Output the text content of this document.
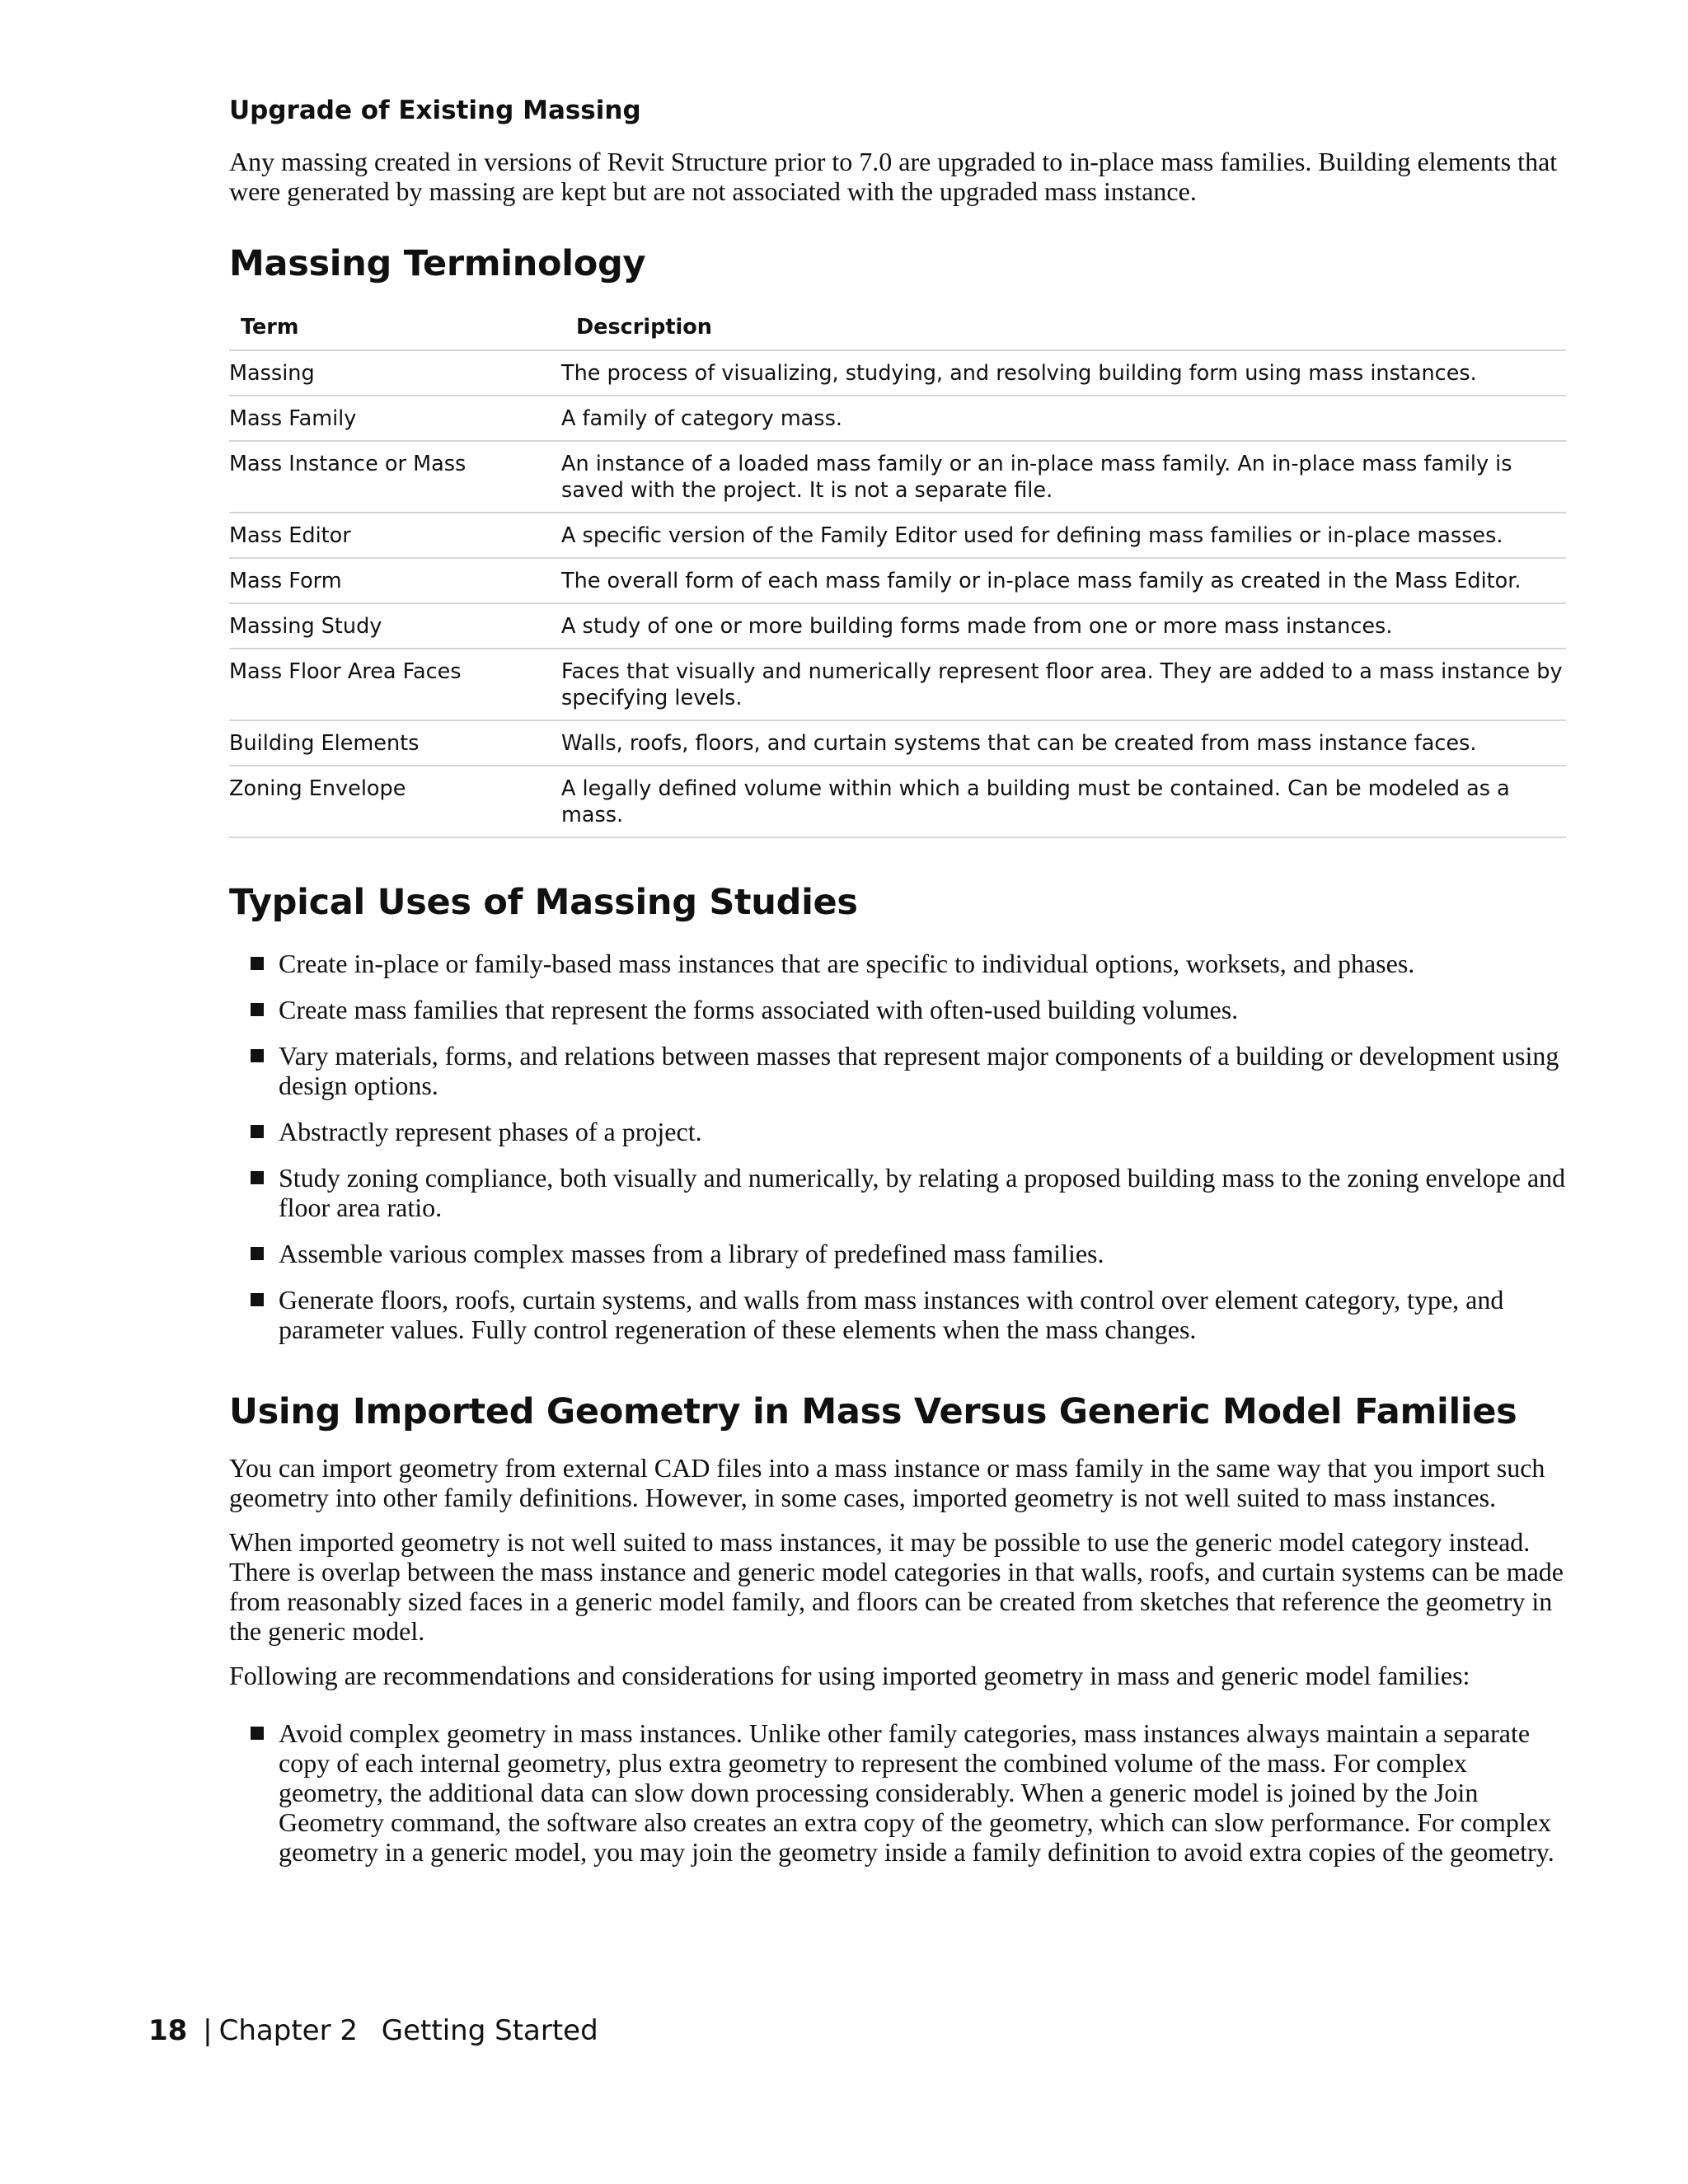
Upgrade of Existing Massing

Any massing created in versions of Revit Structure prior to 7.0 are upgraded to in-place mass families. Building elements that were generated by massing are kept but are not associated with the upgraded mass instance.

Massing Terminology
Term	Description
Massing	The process of visualizing, studying, and resolving building form using mass instances.
Mass Family	A family of category mass.
Mass Instance or Mass	An instance of a loaded mass family or an in-place mass family. An in-place mass family is saved with the project. It is not a separate file.
Mass Editor	A specific version of the Family Editor used for defining mass families or in-place masses.
Mass Form	The overall form of each mass family or in-place mass family as created in the Mass Editor.
Massing Study	A study of one or more building forms made from one or more mass instances.
Mass Floor Area Faces	Faces that visually and numerically represent floor area. They are added to a mass instance by specifying levels.
Building Elements	Walls, roofs, floors, and curtain systems that can be created from mass instance faces.
Zoning Envelope	A legally defined volume within which a building must be contained. Can be modeled as a mass.
Typical Uses of Massing Studies
Create in-place or family-based mass instances that are specific to individual options, worksets, and phases.
Create mass families that represent the forms associated with often-used building volumes.
Vary materials, forms, and relations between masses that represent major components of a building or development using design options.
Abstractly represent phases of a project.
Study zoning compliance, both visually and numerically, by relating a proposed building mass to the zoning envelope and floor area ratio.
Assemble various complex masses from a library of predefined mass families.
Generate floors, roofs, curtain systems, and walls from mass instances with control over element category, type, and parameter values. Fully control regeneration of these elements when the mass changes.
Using Imported Geometry in Mass Versus Generic Model Families

You can import geometry from external CAD files into a mass instance or mass family in the same way that you import such geometry into other family definitions. However, in some cases, imported geometry is not well suited to mass instances.

When imported geometry is not well suited to mass instances, it may be possible to use the generic model category instead. There is overlap between the mass instance and generic model categories in that walls, roofs, and curtain systems can be made from reasonably sized faces in a generic model family, and floors can be created from sketches that reference the geometry in the generic model.

Following are recommendations and considerations for using imported geometry in mass and generic model families:

Avoid complex geometry in mass instances. Unlike other family categories, mass instances always maintain a separate copy of each internal geometry, plus extra geometry to represent the combined volume of the mass. For complex geometry, the additional data can slow down processing considerably. When a generic model is joined by the Join Geometry command, the software also creates an extra copy of the geometry, which can slow performance. For complex geometry in a generic model, you may join the geometry inside a family definition to avoid extra copies of the geometry.
18 | Chapter 2 Getting Started
